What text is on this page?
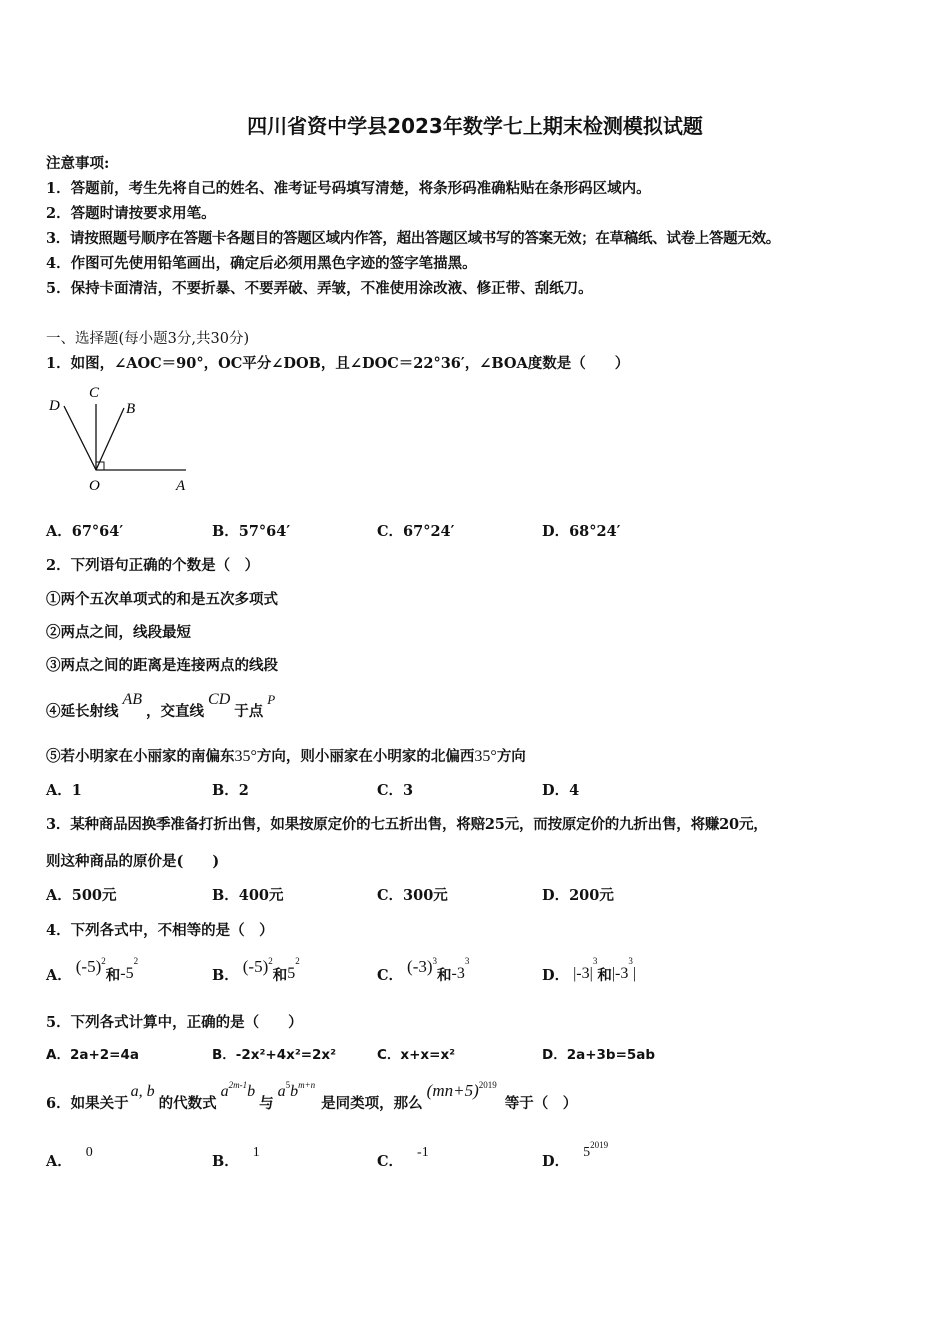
四川省资中学县2023年数学七上期末检测模拟试题
注意事项:
1．答题前，考生先将自己的姓名、准考证号码填写清楚，将条形码准确粘贴在条形码区域内。
2．答题时请按要求用笔。
3．请按照题号顺序在答题卡各题目的答题区域内作答，超出答题区域书写的答案无效；在草稿纸、试卷上答题无效。
4．作图可先使用铅笔画出，确定后必须用黑色字迹的签字笔描黑。
5．保持卡面清洁，不要折暴、不要弄破、弄皱，不准使用涂改液、修正带、刮纸刀。
一、选择题(每小题3分,共30分)
1．如图，∠AOC＝90°，OC平分∠DOB，且∠DOC＝22°36′，∠BOA度数是（　　）
D
C
B
O	A
A．67°64′	B．57°64′	C．67°24′	D．68°24′
2．下列语句正确的个数是（　）
①两个五次单项式的和是五次多项式
②两点之间，线段最短
③两点之间的距离是连接两点的线段
④延长射线AB，交直线CD于点P
⑤若小明家在小丽家的南偏东35°方向，则小丽家在小明家的北偏西35°方向
A．1	B．2	C．3	D．4
3．某种商品因换季准备打折出售，如果按原定价的七五折出售，将赔25元，而按原定价的九折出售，将赚20元，
则这种商品的原价是(　　)
A．500元	B．400元	C．300元	D．200元
4．下列各式中，不相等的是（　）
A． $(-5)^2$和$-5^2$
B． $(-5)^2$和$5^2$
C． $(-3)^3$和$-3^3$
D． $|-3|^3$和$|-3^3|$
5．下列各式计算中，正确的是（　　）
A．2a+2=4a	B．-2x²+4x²=2x²	C．x+x=x²	D．2a+3b=5ab
6．如果关于a, b的代数式$a^{2m-1}b$与$a^5b^{m+n}$是同类项，那么$(mn+5)^{2019}$等于（　）
A．0
B．1
C．-1
D．$5^{2019}$
